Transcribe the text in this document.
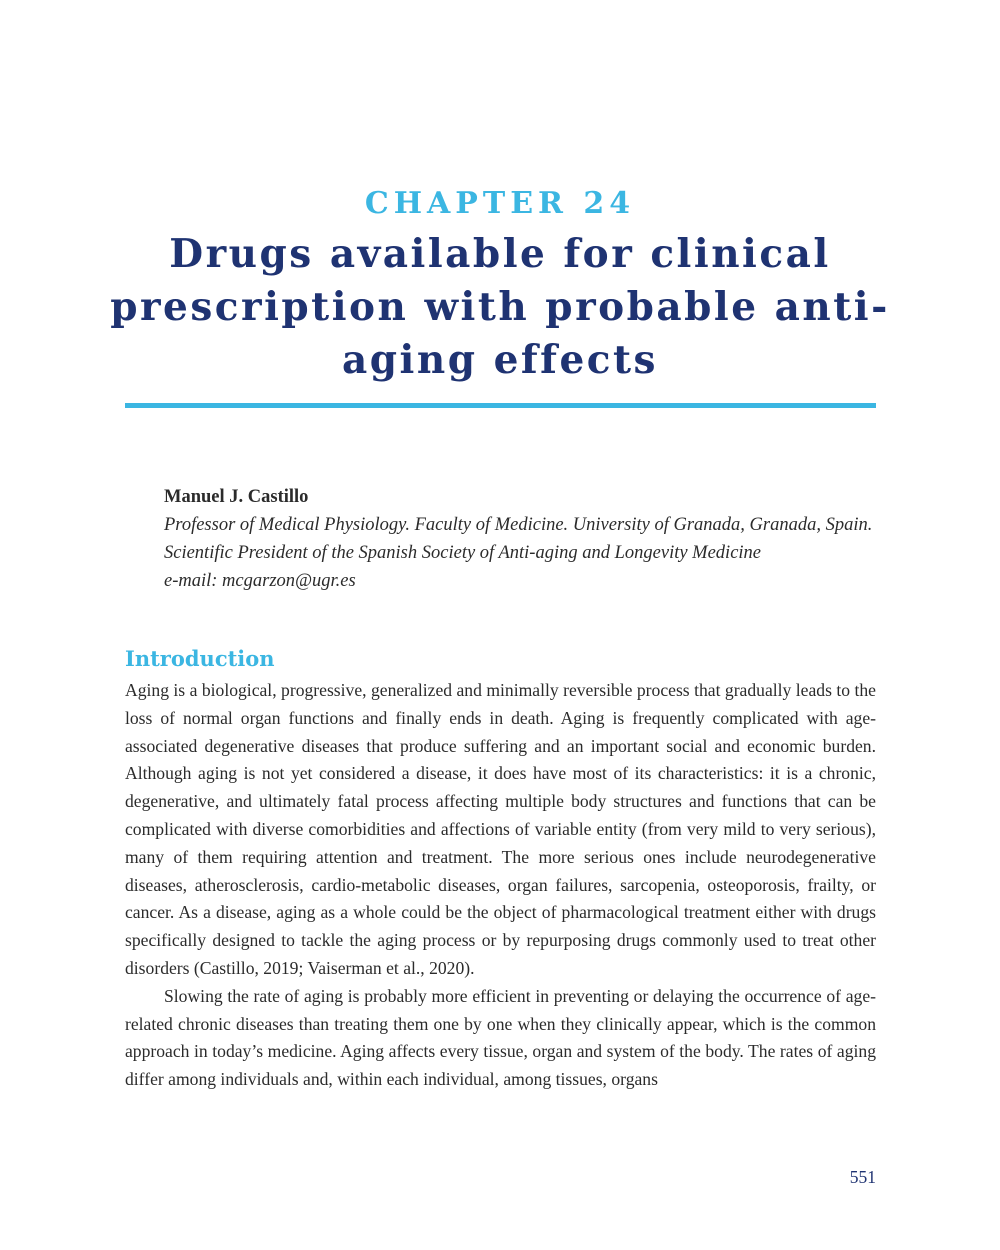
CHAPTER 24
Drugs available for clinical prescription with probable anti-aging effects

Manuel J. Castillo

Professor of Medical Physiology. Faculty of Medicine. University of Granada, Granada, Spain.

Scientific President of the Spanish Society of Anti-aging and Longevity Medicine

e-mail: mcgarzon@ugr.es

Introduction

Aging is a biological, progressive, generalized and minimally reversible process that gradually leads to the loss of normal organ functions and finally ends in death. Aging is frequently complicated with age-associated degenerative diseases that produce suffering and an important social and economic burden. Although aging is not yet considered a disease, it does have most of its characteristics: it is a chronic, degenerative, and ultimately fatal process affecting multiple body structures and functions that can be complicated with diverse comorbidities and affections of variable entity (from very mild to very serious), many of them requiring attention and treatment. The more serious ones include neurodegenerative diseases, atherosclerosis, cardio-metabolic diseases, organ failures, sarcopenia, osteoporosis, frailty, or cancer. As a disease, aging as a whole could be the object of pharmacological treatment either with drugs specifically designed to tackle the aging process or by repurposing drugs commonly used to treat other disorders (Castillo, 2019; Vaiserman et al., 2020).

Slowing the rate of aging is probably more efficient in preventing or delaying the occurrence of age-related chronic diseases than treating them one by one when they clinically appear, which is the common approach in today’s medicine. Aging affects every tissue, organ and system of the body. The rates of aging differ among individuals and, within each individual, among tissues, organs

551
